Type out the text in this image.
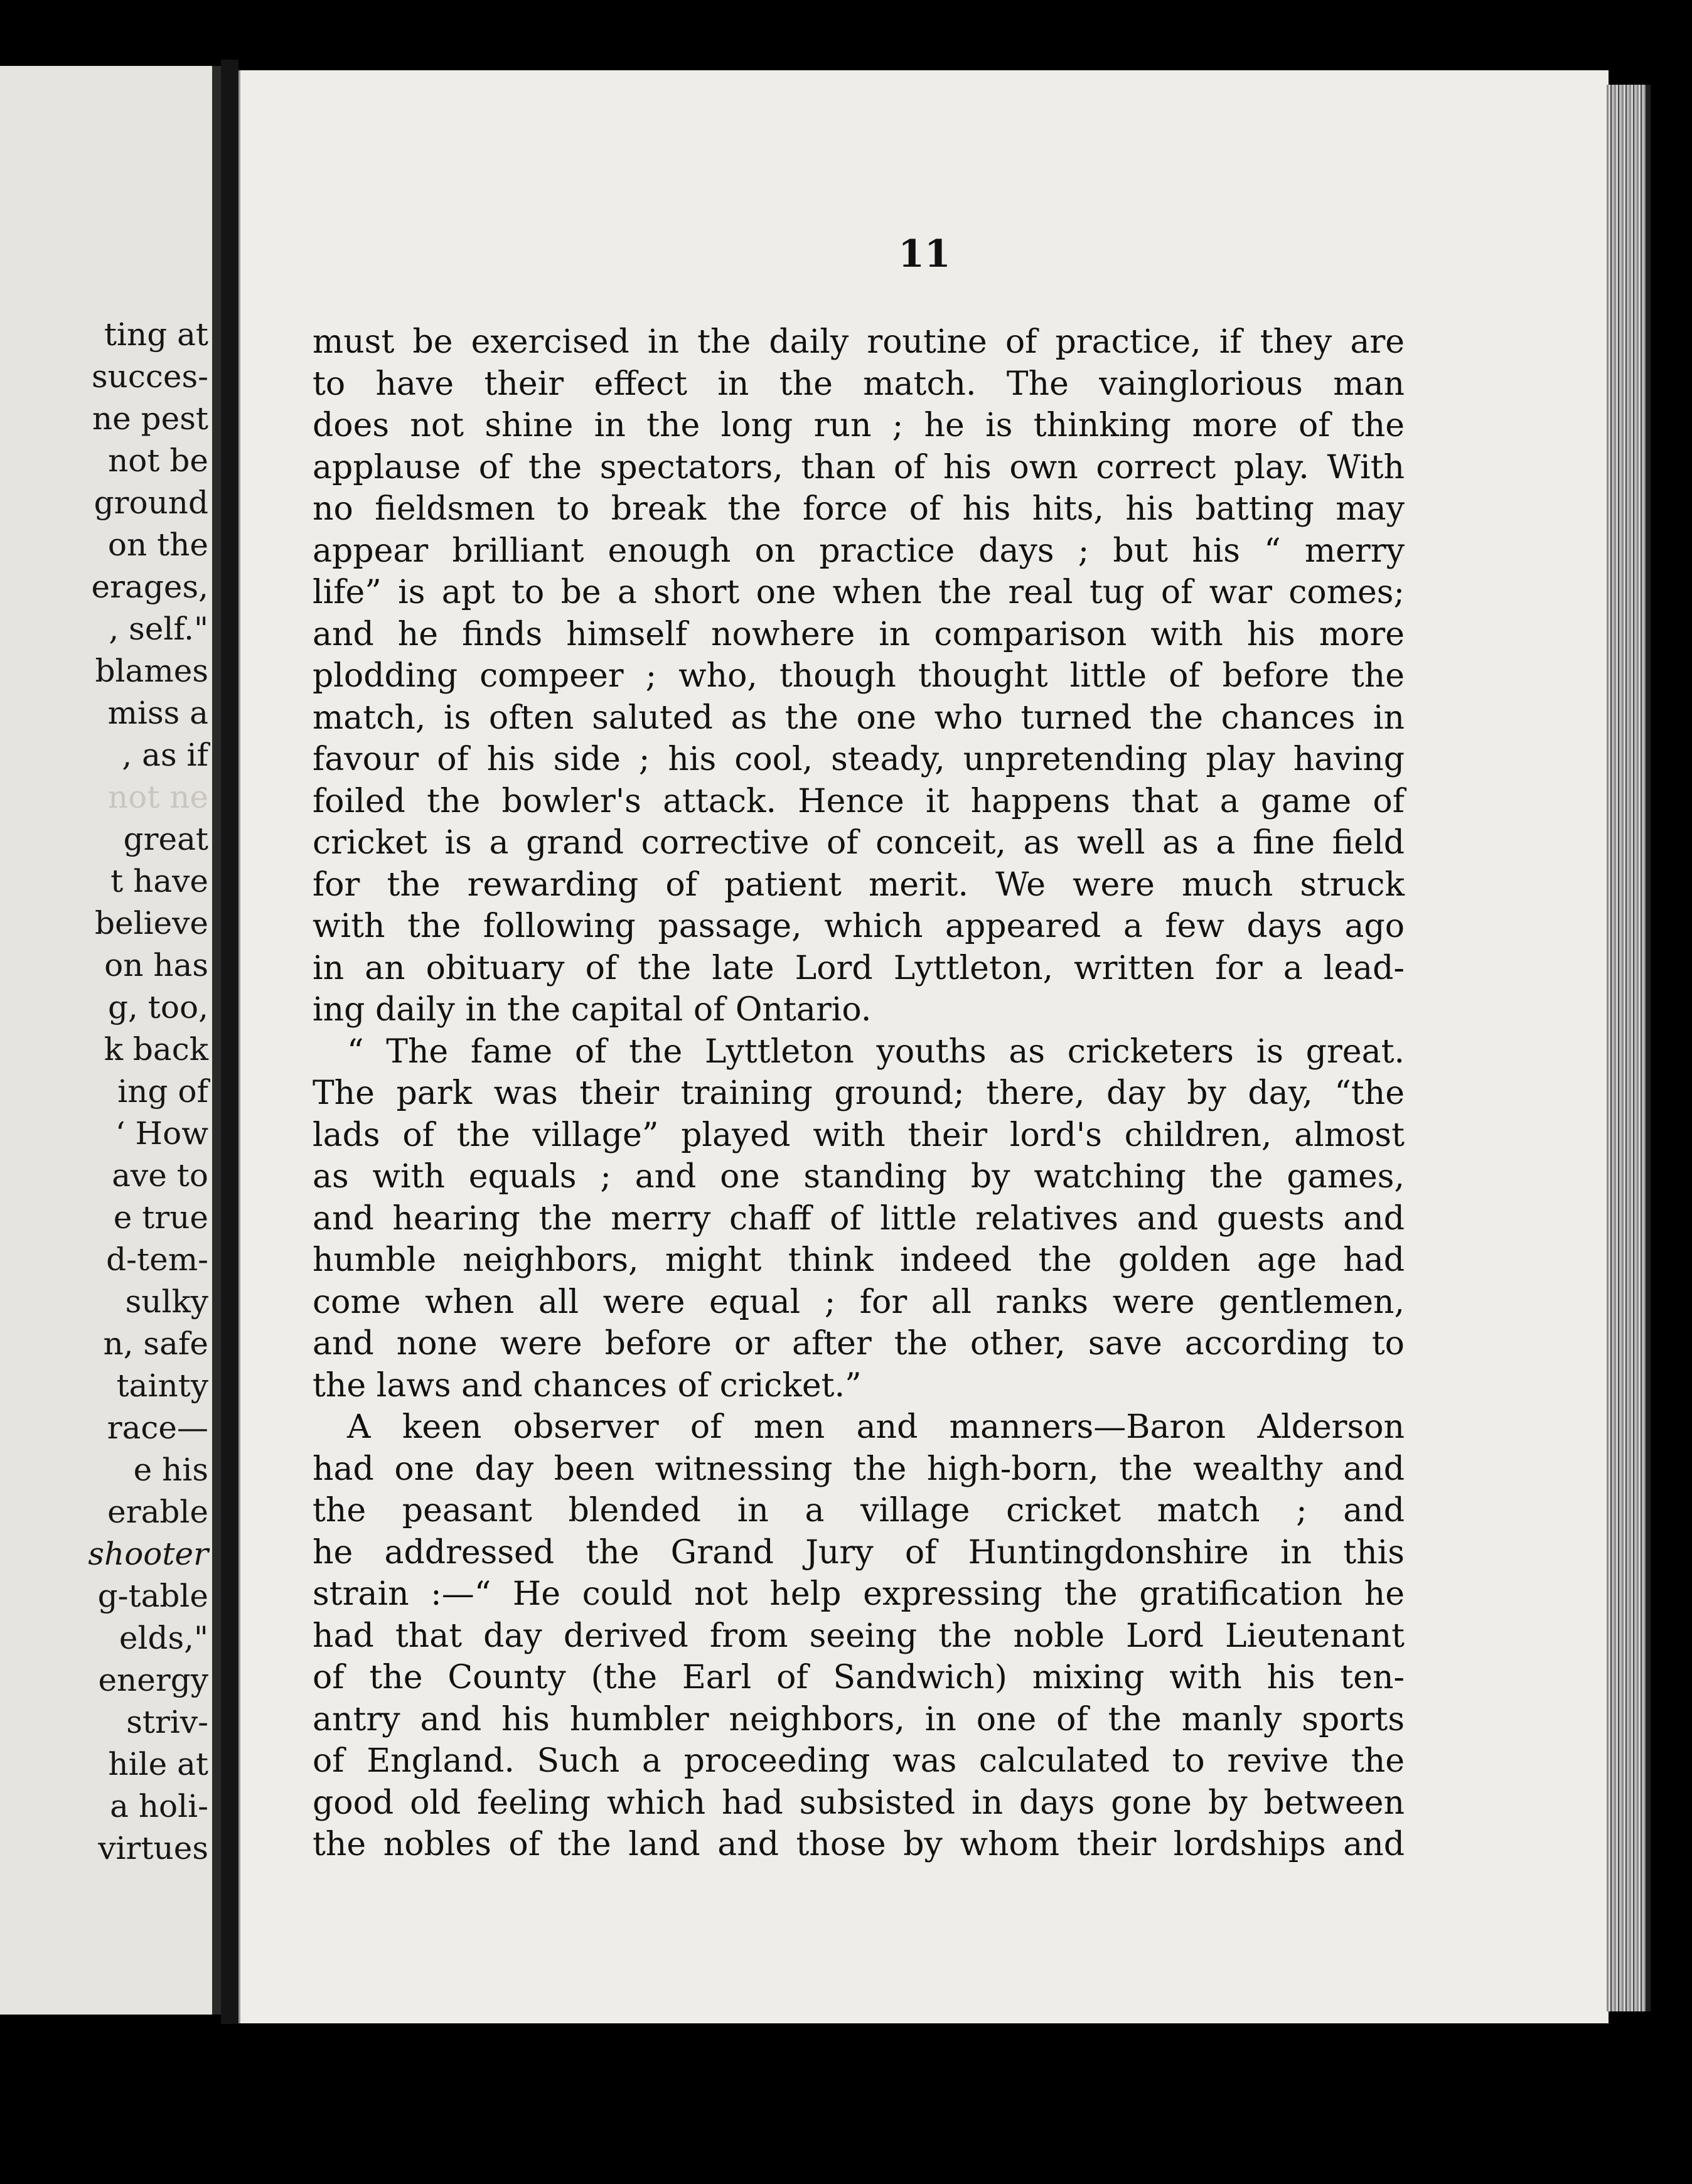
ting at
succes-
ne pest
not be
ground
on the
erages,
, self."
blames
miss a
, as if
not ne
great
t have
believe
on has
g, too,
k back
ing of
‘ How
ave to
e true
d-tem-
sulky
n, safe
tainty
race—
e his
erable
shooter
g-table
elds,"
energy
striv-
hile at
a holi-
virtues
11
must be exercised in the daily routine of practice, if they are
to have their effect in the match. The vainglorious man
does not shine in the long run ; he is thinking more of the
applause of the spectators, than of his own correct play. With
no fieldsmen to break the force of his hits, his batting may
appear brilliant enough on practice days ; but his “ merry
life” is apt to be a short one when the real tug of war comes;
and he finds himself nowhere in comparison with his more
plodding compeer ; who, though thought little of before the
match, is often saluted as the one who turned the chances in
favour of his side ; his cool, steady, unpretending play having
foiled the bowler's attack. Hence it happens that a game of
cricket is a grand corrective of conceit, as well as a fine field
for the rewarding of patient merit. We were much struck
with the following passage, which appeared a few days ago
in an obituary of the late Lord Lyttleton, written for a lead-
ing daily in the capital of Ontario.
“ The fame of the Lyttleton youths as cricketers is great.
The park was their training ground; there, day by day, “the
lads of the village” played with their lord's children, almost
as with equals ; and one standing by watching the games,
and hearing the merry chaff of little relatives and guests and
humble neighbors, might think indeed the golden age had
come when all were equal ; for all ranks were gentlemen,
and none were before or after the other, save according to
the laws and chances of cricket.”
A keen observer of men and manners—Baron Alderson
had one day been witnessing the high-born, the wealthy and
the peasant blended in a village cricket match ; and
he addressed the Grand Jury of Huntingdonshire in this
strain :—“ He could not help expressing the gratification he
had that day derived from seeing the noble Lord Lieutenant
of the County (the Earl of Sandwich) mixing with his ten-
antry and his humbler neighbors, in one of the manly sports
of England. Such a proceeding was calculated to revive the
good old feeling which had subsisted in days gone by between
the nobles of the land and those by whom their lordships and
